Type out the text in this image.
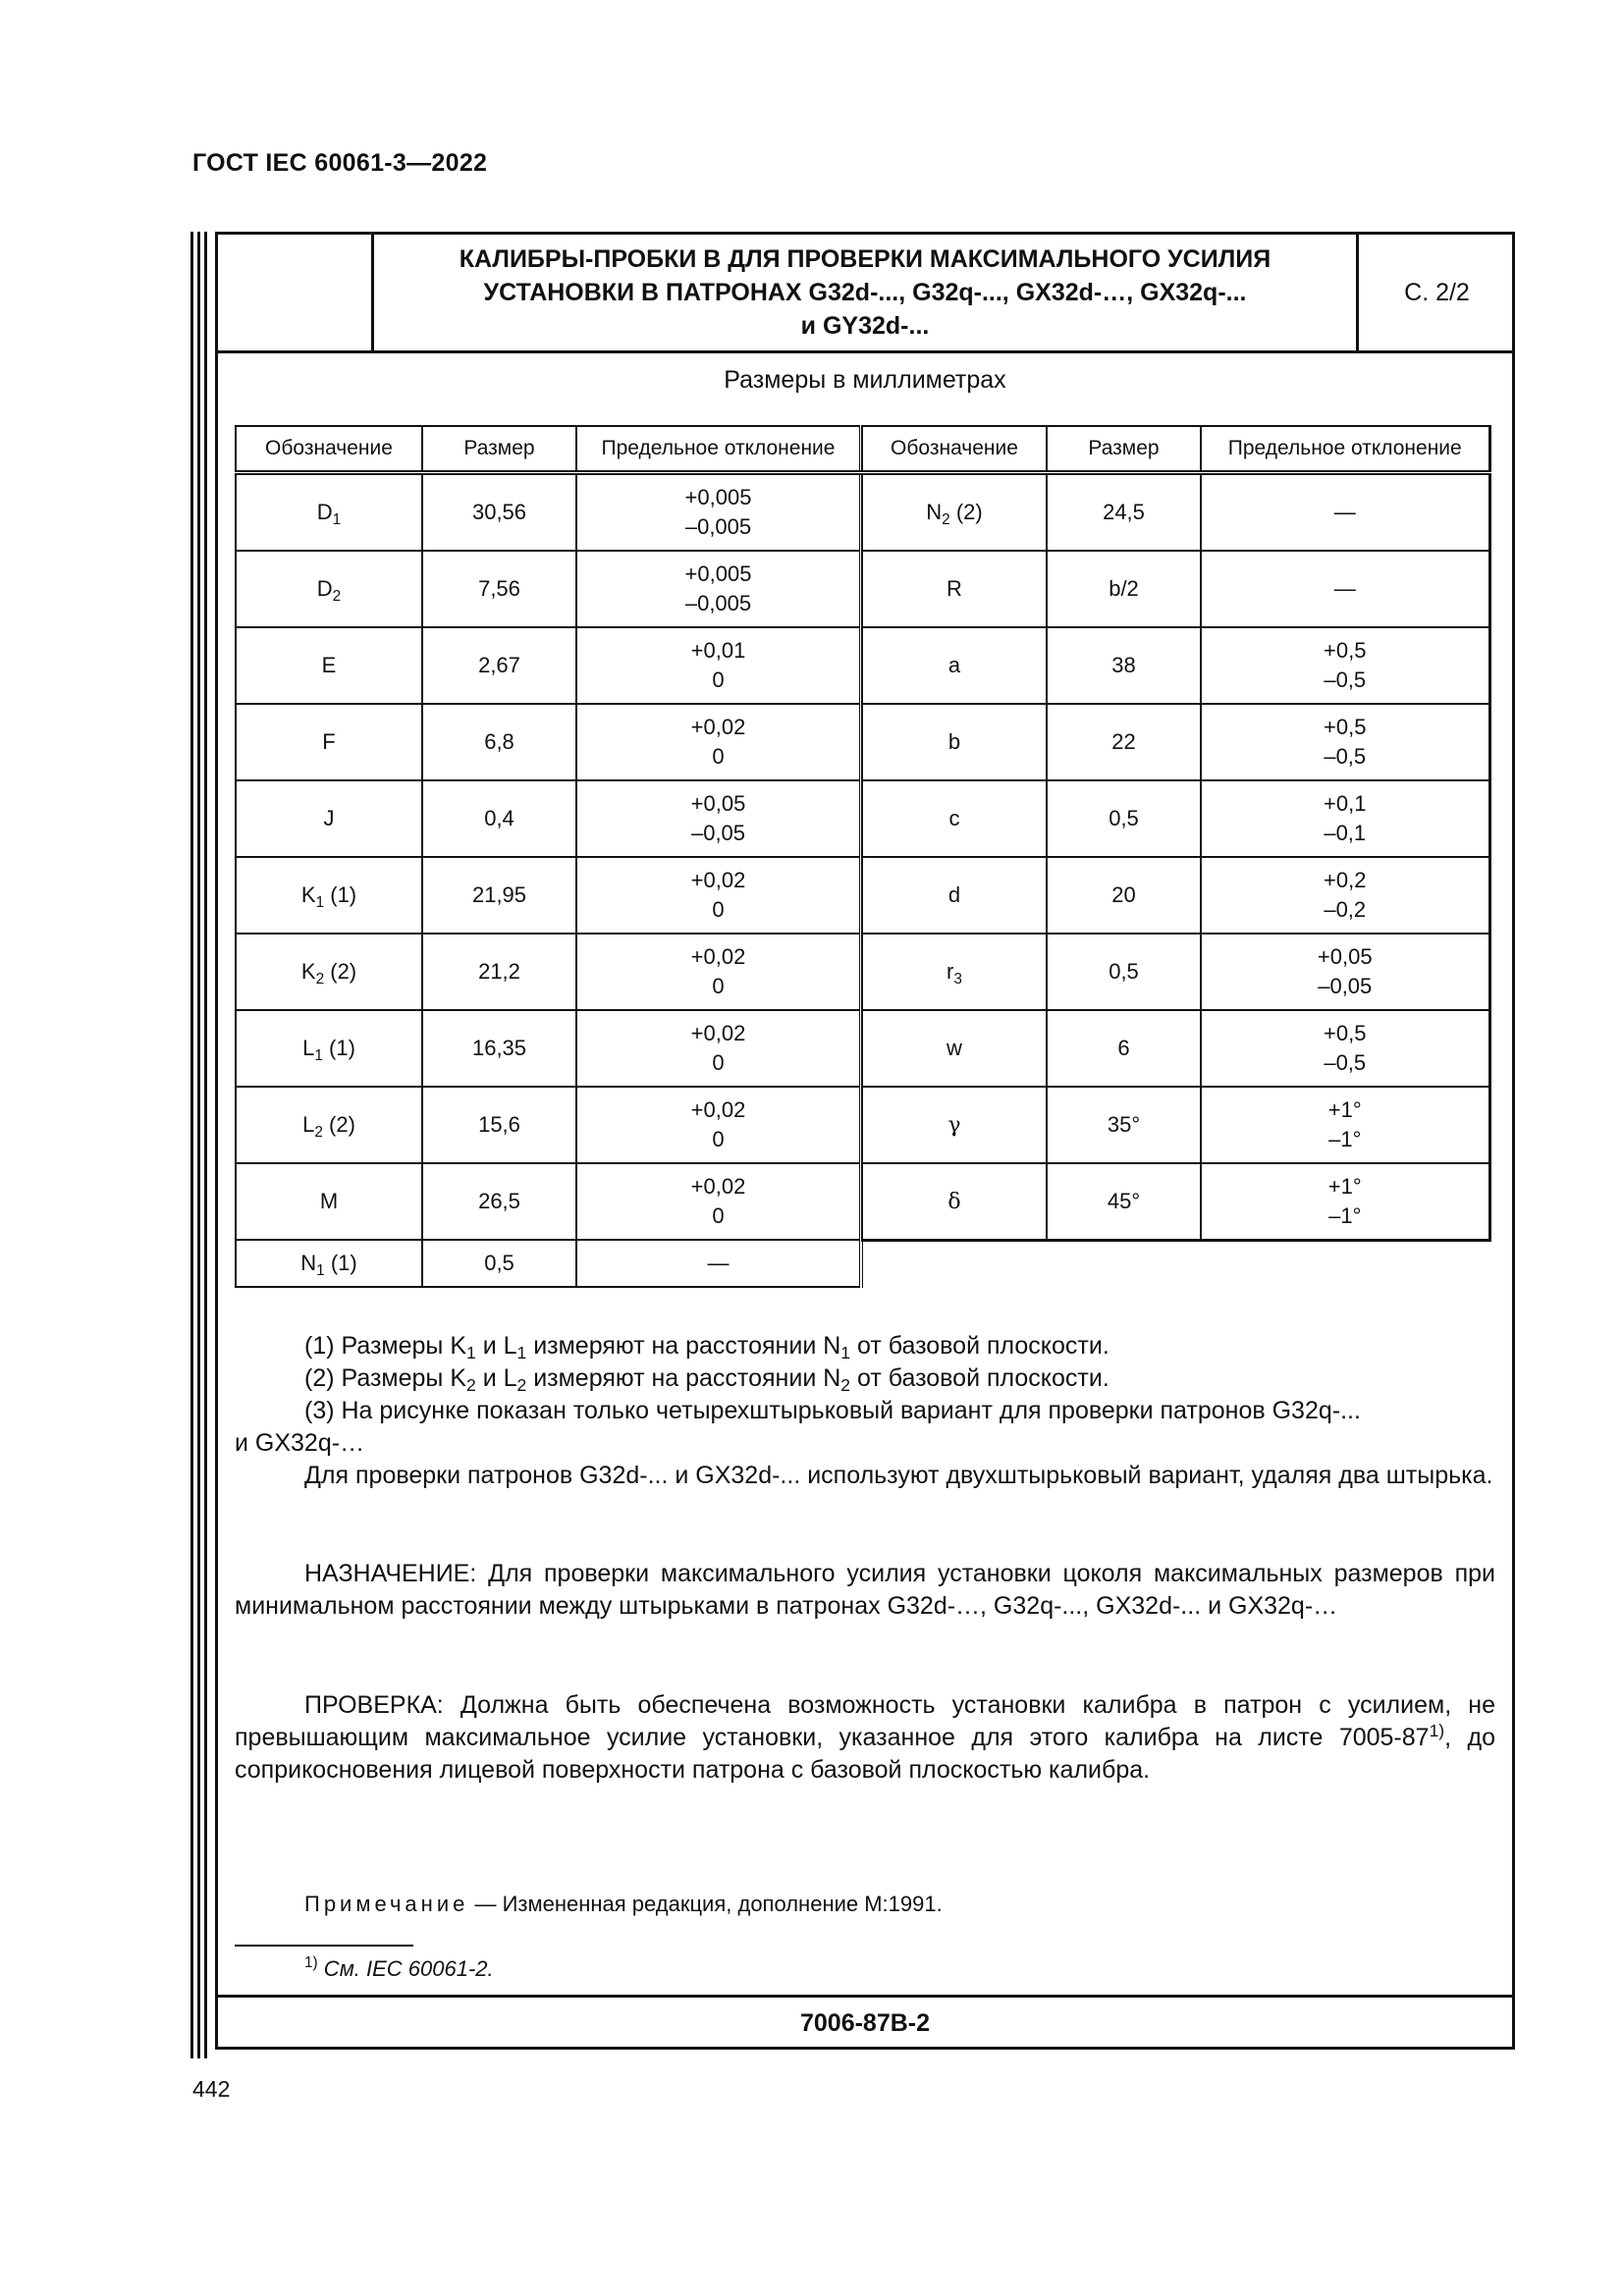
ГОСТ IEC 60061-3—2022
КАЛИБРЫ-ПРОБКИ В ДЛЯ ПРОВЕРКИ МАКСИМАЛЬНОГО УСИЛИЯ
УСТАНОВКИ В ПАТРОНАХ G32d-..., G32q-..., GX32d-…, GX32q-...
и GY32d-...
С. 2/2
Размеры в миллиметрах
Обозначение	Размер	Предельное отклонение
$D_1$	30,56	+0,005
–0,005

$D_2$	7,56	+0,005
–0,005

E	2,67	+0,01
0

F	6,8	+0,02
0

J	0,4	+0,05
–0,05

$K_1$ (1)	21,95	+0,02
0

$K_2$ (2)	21,2	+0,02
0

$L_1$ (1)	16,35	+0,02
0

$L_2$ (2)	15,6	+0,02
0

M	26,5	+0,02
0

$N_1$ (1)	0,5	—
Обозначение	Размер	Предельное отклонение
$N_2$ (2)	24,5	—

R	b/2	—

a	38	+0,5
–0,5

b	22	+0,5
–0,5

c	0,5	+0,1
–0,1

d	20	+0,2
–0,2

$r_3$	0,5	+0,05
–0,05

w	6	+0,5
–0,5

γ	35°	+1°
–1°

δ	45°	+1°
–1°

(1) Размеры $K_1$ и $L_1$ измеряют на расстоянии $N_1$ от базовой плоскости.

(2) Размеры $K_2$ и $L_2$ измеряют на расстоянии $N_2$ от базовой плоскости.

(3) На рисунке показан только четырехштырьковый вариант для проверки патронов G32q-...

и GX32q-…

Для проверки патронов G32d-... и GX32d-... используют двухштырьковый вариант, удаляя два штырька.

НАЗНАЧЕНИЕ: Для проверки максимального усилия установки цоколя максимальных размеров при минимальном расстоянии между штырьками в патронах G32d-…, G32q-..., GX32d-... и GX32q-…

ПРОВЕРКА: Должна быть обеспечена возможность установки калибра в патрон с усилием, не превышающим максимальное усилие установки, указанное для этого калибра на листе 7005-87$^{1)}$, до соприкосновения лицевой поверхности патрона с базовой плоскостью калибра.

Примечание — Измененная редакция, дополнение М:1991.
$^{1)}$ См. IEC 60061-2.
7006-87В-2
442
